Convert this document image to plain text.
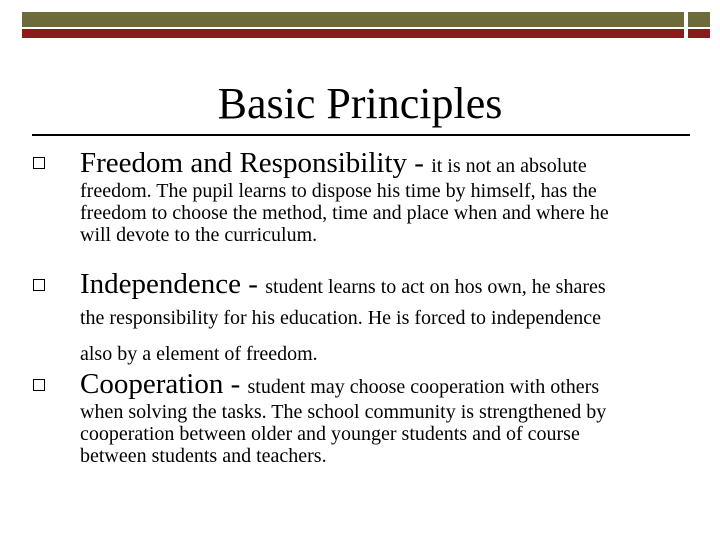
Basic Principles
Freedom and Responsibility - it is not an absolute
freedom. The pupil learns to dispose his time by himself, has the
freedom to choose the method, time and place when and where he
will devote to the curriculum.
Independence - student learns to act on hos own, he shares
the responsibility for his education. He is forced to independence
also by a element of freedom.
Cooperation - student may choose cooperation with others
when solving the tasks. The school community is strengthened by
cooperation between older and younger students and of course
between students and teachers.
